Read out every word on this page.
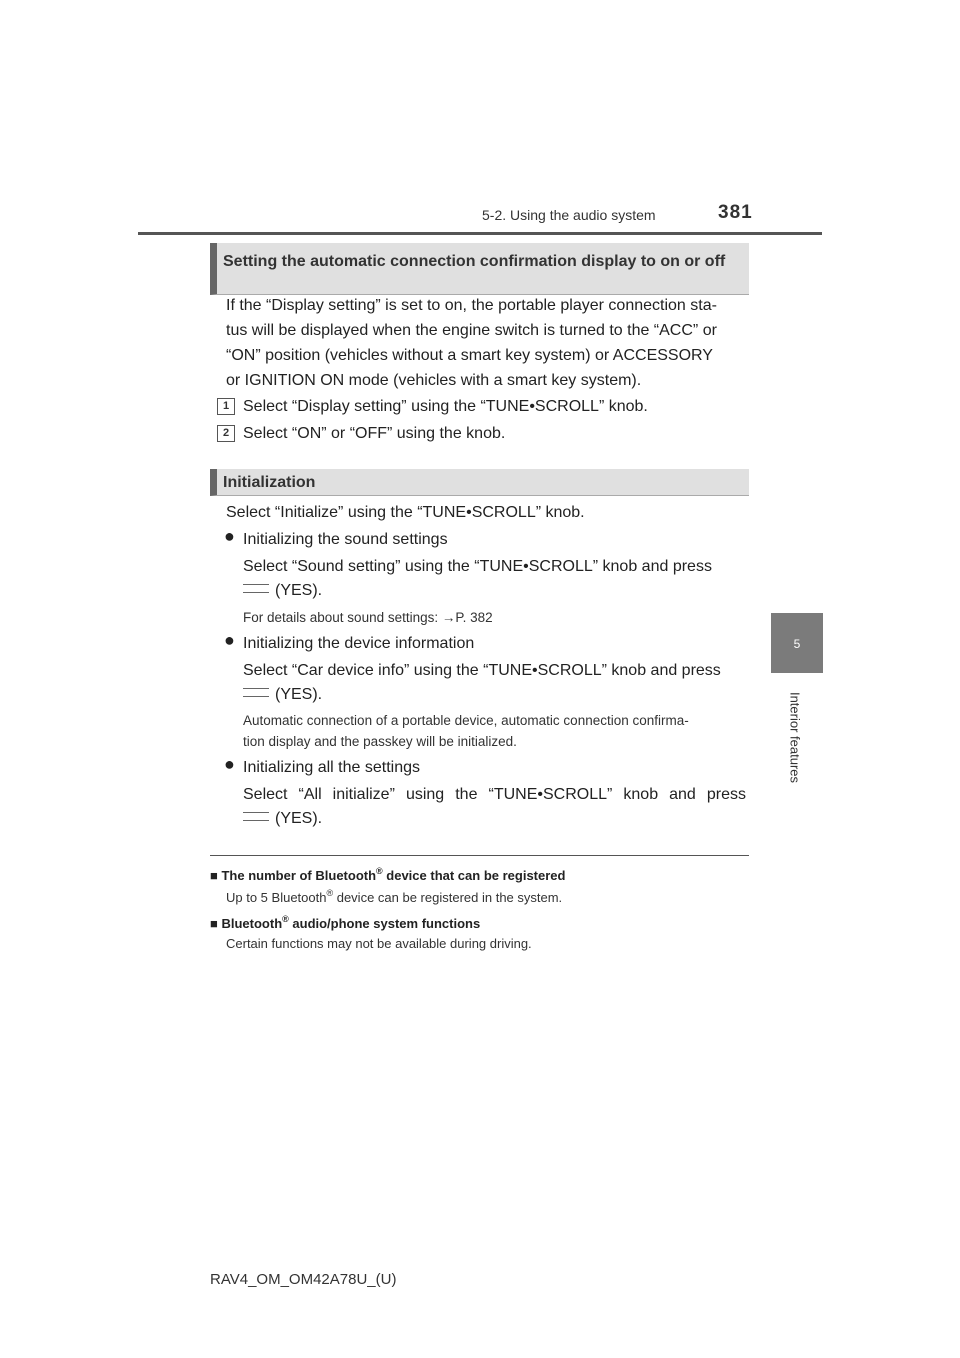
5-2. Using the audio system	381
5
Interior features
Setting the automatic connection confirmation display to on or off
If the “Display setting” is set to on, the portable player connection sta-
tus will be displayed when the engine switch is turned to the “ACC” or
“ON” position (vehicles without a smart key system) or ACCESSORY
or IGNITION ON mode (vehicles with a smart key system).
1 Select “Display setting” using the “TUNE•SCROLL” knob.
2 Select “ON” or “OFF” using the knob.
Initialization
Select “Initialize” using the “TUNE•SCROLL” knob.
● Initializing the sound settings
Select “Sound setting” using the “TUNE•SCROLL” knob and press
(YES).
For details about sound settings: →P. 382
● Initializing the device information
Select “Car device info” using the “TUNE•SCROLL” knob and press
(YES).
Automatic connection of a portable device, automatic connection confirma-
tion display and the passkey will be initialized.
● Initializing all the settings
Select “All initialize” using the “TUNE•SCROLL” knob and press
(YES).
■ The number of Bluetooth® device that can be registered
Up to 5 Bluetooth® device can be registered in the system.
■ Bluetooth® audio/phone system functions
Certain functions may not be available during driving.
RAV4_OM_OM42A78U_(U)
